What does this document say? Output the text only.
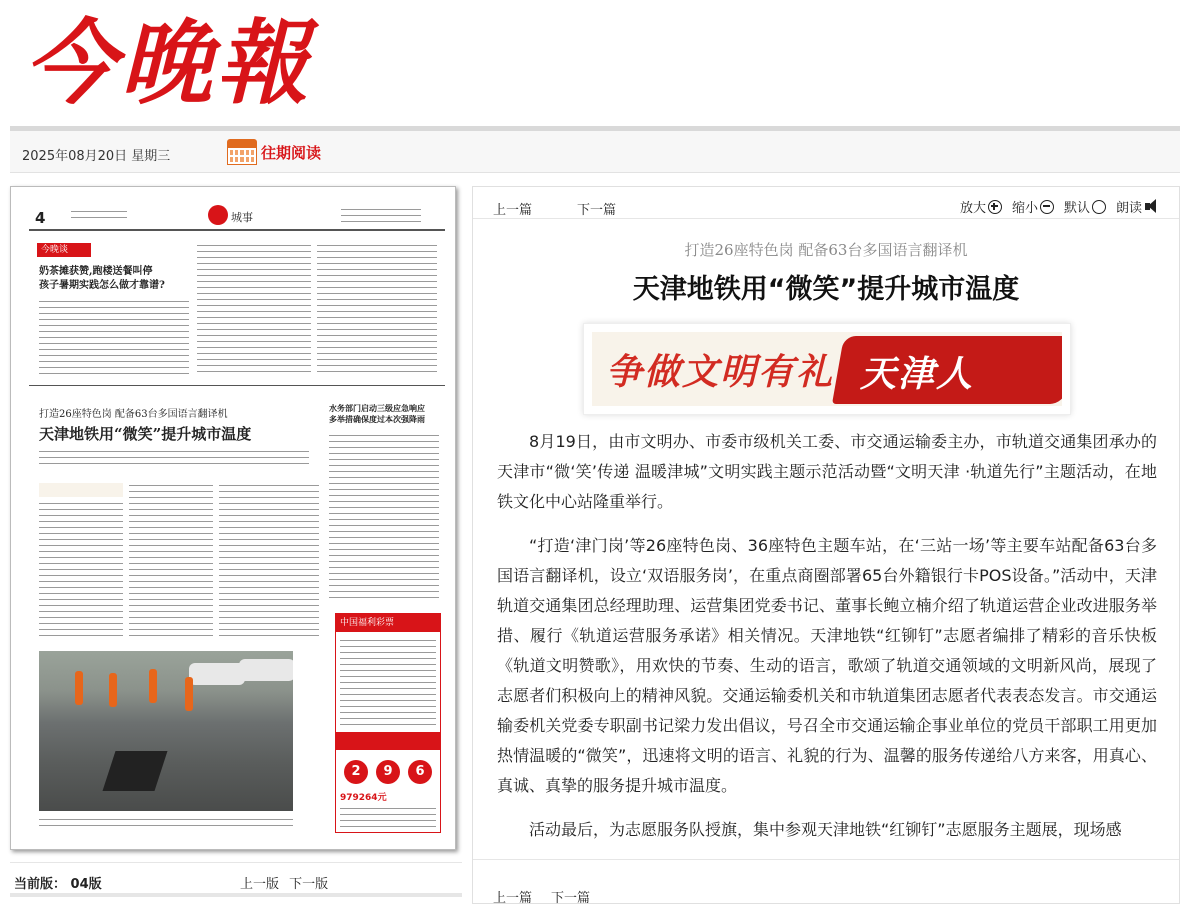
今晚報
2025年08月20日 星期三	往期阅读
4	城事
今晚谈
奶茶摊获赞,跑楼送餐叫停
孩子暑期实践怎么做才靠谱?
打造26座特色岗 配备63台多国语言翻译机
天津地铁用“微笑”提升城市温度
水务部门启动三级应急响应
多举措确保度过本次强降雨
中国福利彩票
2	9	6
979264元
当前版： 04版	上一版 下一版
上一篇	下一篇	放大 缩小 默认 朗读
打造26座特色岗 配备63台多国语言翻译机
天津地铁用“微笑”提升城市温度
争做文明有礼 天津人

8月19日，由市文明办、市委市级机关工委、市交通运输委主办，市轨道交通集团承办的天津市“微‘笑’传递 温暖津城”文明实践主题示范活动暨“文明天津 ·轨道先行”主题活动，在地铁文化中心站隆重举行。

“打造‘津门岗’等26座特色岗、36座特色主题车站，在‘三站一场’等主要车站配备63台多国语言翻译机，设立‘双语服务岗’，在重点商圈部署65台外籍银行卡POS设备。”活动中，天津轨道交通集团总经理助理、运营集团党委书记、董事长鲍立楠介绍了轨道运营企业改进服务举措、履行《轨道运营服务承诺》相关情况。天津地铁“红铆钉”志愿者编排了精彩的音乐快板《轨道文明赞歌》，用欢快的节奏、生动的语言，歌颂了轨道交通领域的文明新风尚，展现了志愿者们积极向上的精神风貌。交通运输委机关和市轨道集团志愿者代表表态发言。市交通运输委机关党委专职副书记梁力发出倡议，号召全市交通运输企事业单位的党员干部职工用更加热情温暖的“微笑”，迅速将文明的语言、礼貌的行为、温馨的服务传递给八方来客，用真心、真诚、真挚的服务提升城市温度。

活动最后，为志愿服务队授旗，集中参观天津地铁“红铆钉”志愿服务主题展，现场感

上一篇 下一篇
